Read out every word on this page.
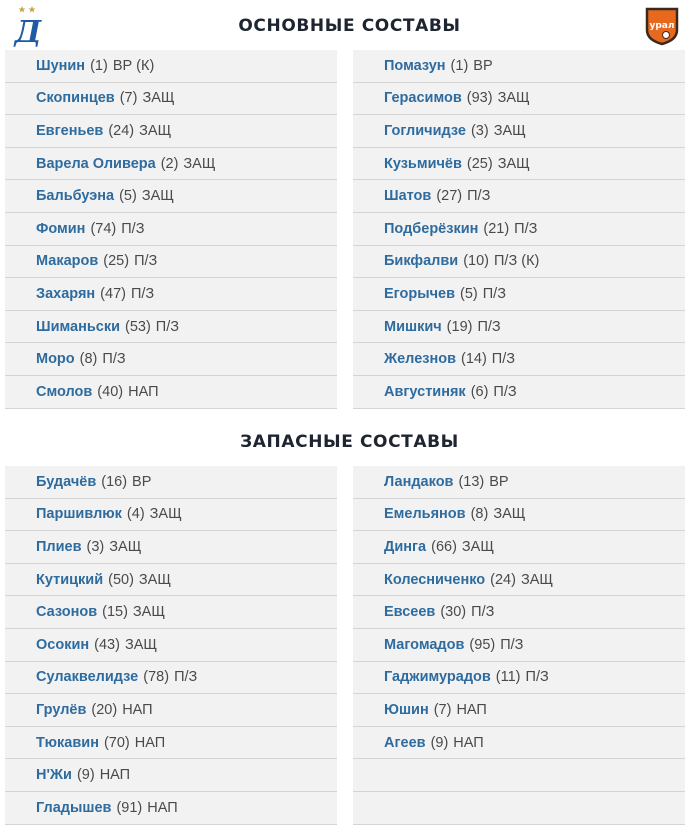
Д	ОСНОВНЫЕ СОСТАВЫ	урал
ЗАПАСНЫЕ СОСТАВЫ
Шунин (1) ВР (К)
Скопинцев (7) ЗАЩ
Евгеньев (24) ЗАЩ
Варела Оливера (2) ЗАЩ
Бальбуэна (5) ЗАЩ
Фомин (74) П/З
Макаров (25) П/З
Захарян (47) П/З
Шиманьски (53) П/З
Моро (8) П/З
Смолов (40) НАП
Помазун (1) ВР
Герасимов (93) ЗАЩ
Гогличидзе (3) ЗАЩ
Кузьмичёв (25) ЗАЩ
Шатов (27) П/З
Подберёзкин (21) П/З
Бикфалви (10) П/З (К)
Егорычев (5) П/З
Мишкич (19) П/З
Железнов (14) П/З
Августиняк (6) П/З
Будачёв (16) ВР
Паршивлюк (4) ЗАЩ
Плиев (3) ЗАЩ
Кутицкий (50) ЗАЩ
Сазонов (15) ЗАЩ
Осокин (43) ЗАЩ
Сулаквелидзе (78) П/З
Грулёв (20) НАП
Тюкавин (70) НАП
Н'Жи (9) НАП
Гладышев (91) НАП
Ландаков (13) ВР
Емельянов (8) ЗАЩ
Динга (66) ЗАЩ
Колесниченко (24) ЗАЩ
Евсеев (30) П/З
Магомадов (95) П/З
Гаджимурадов (11) П/З
Юшин (7) НАП
Агеев (9) НАП
